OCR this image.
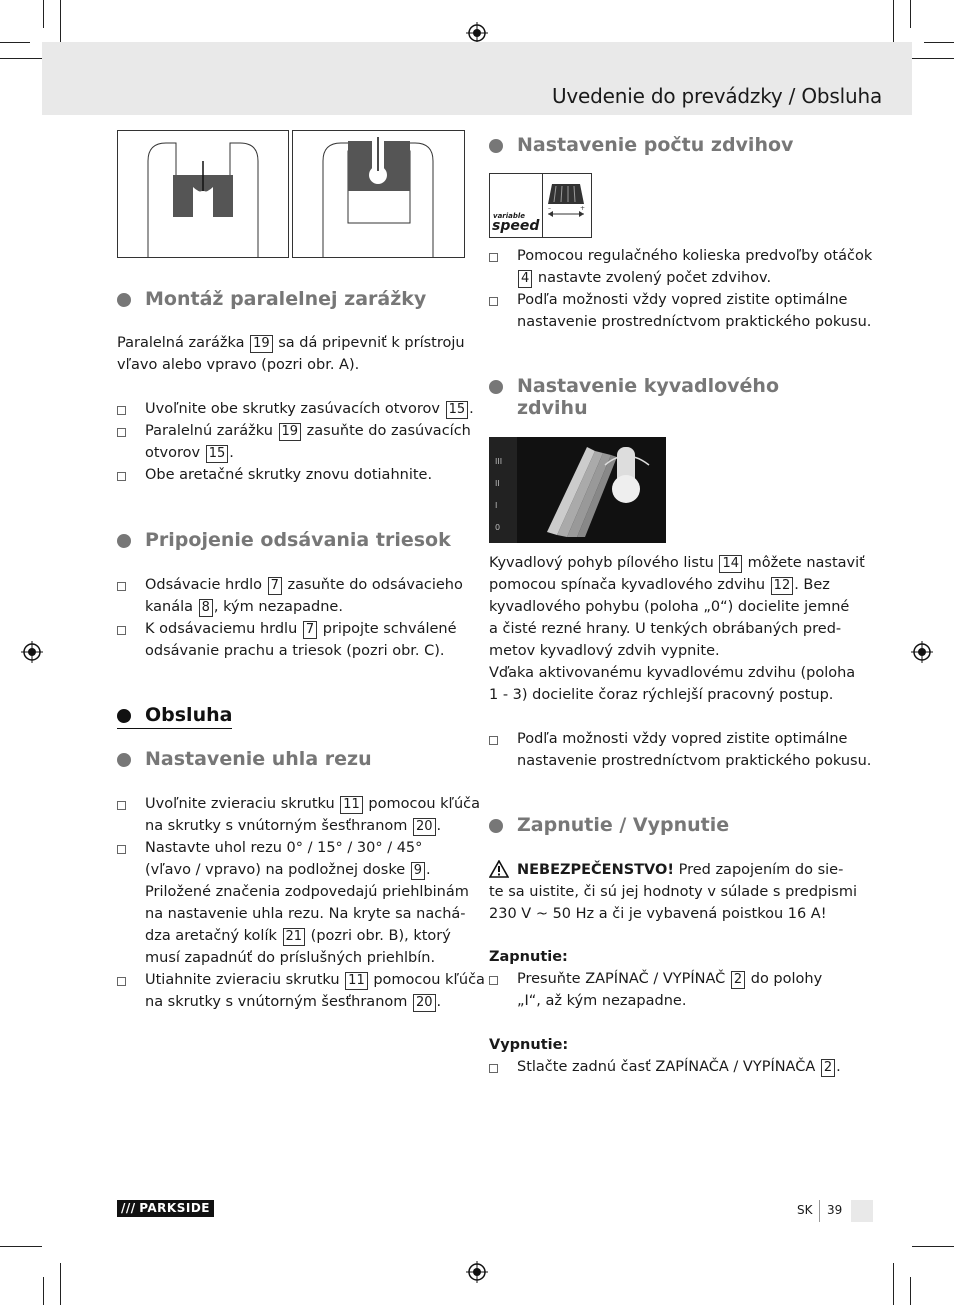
Uvedenie do prevádzky / Obsluha
Montáž paralelnej zarážky
Paralelná zarážka 19 sa dá pripevniť k prístroju
vľavo alebo vpravo (pozri obr. A).
Uvoľnite obe skrutky zasúvacích otvorov 15 .
Paralelnú zarážku 19 zasuňte do zasúvacích
otvorov 15 .
Obe aretačné skrutky znovu dotiahnite.
Pripojenie odsávania triesok
Odsávacie hrdlo 7 zasuňte do odsávacieho
kanála 8 , kým nezapadne.
K odsávaciemu hrdlu 7 pripojte schválené
odsávanie prachu a triesok (pozri obr. C).
Obsluha
Nastavenie uhla rezu
Uvoľnite zvieraciu skrutku 11 pomocou kľúča
na skrutky s vnútorným šesťhranom 20 .
Nastavte uhol rezu 0° / 15° / 30° / 45°
(vľavo / vpravo) na podložnej doske 9 .
Priložené značenia zodpovedajú priehlbinám
na nastavenie uhla rezu. Na kryte sa nachá-
dza aretačný kolík 21 (pozri obr. B), ktorý
musí zapadnúť do príslušných priehlbín.
Utiahnite zvieraciu skrutku 11 pomocou kľúča
na skrutky s vnútorným šesťhranom 20 .
Nastavenie počtu zdvihov
variable
speed
–	+
Pomocou regulačného kolieska predvoľby otáčok
4 nastavte zvolený počet zdvihov.
Podľa možnosti vždy vopred zistite optimálne
nastavenie prostredníctvom praktického pokusu.
Nastavenie kyvadlového
zdvihu
III
II
I
0
Kyvadlový pohyb pílového listu 14 môžete nastaviť
pomocou spínača kyvadlového zdvihu 12 . Bez
kyvadlového pohybu (poloha „0“) docielite jemné
a čisté rezné hrany. U tenkých obrábaných pred-
metov kyvadlový zdvih vypnite.
Vďaka aktivovanému kyvadlovému zdvihu (poloha
1 - 3) docielite čoraz rýchlejší pracovný postup.
Podľa možnosti vždy vopred zistite optimálne
nastavenie prostredníctvom praktického pokusu.
Zapnutie / Vypnutie
NEBEZPEČENSTVO! Pred zapojením do sie-
te sa uistite, či sú jej hodnoty v súlade s predpismi
230 V ~ 50 Hz a či je vybavená poistkou 16 A!
Zapnutie:
Presuňte ZAPÍNAČ / VYPÍNAČ 2 do polohy
„I“, až kým nezapadne.
Vypnutie:
Stlačte zadnú časť ZAPÍNAČA / VYPÍNAČA 2 .
/// PARKSIDE	SK 39
